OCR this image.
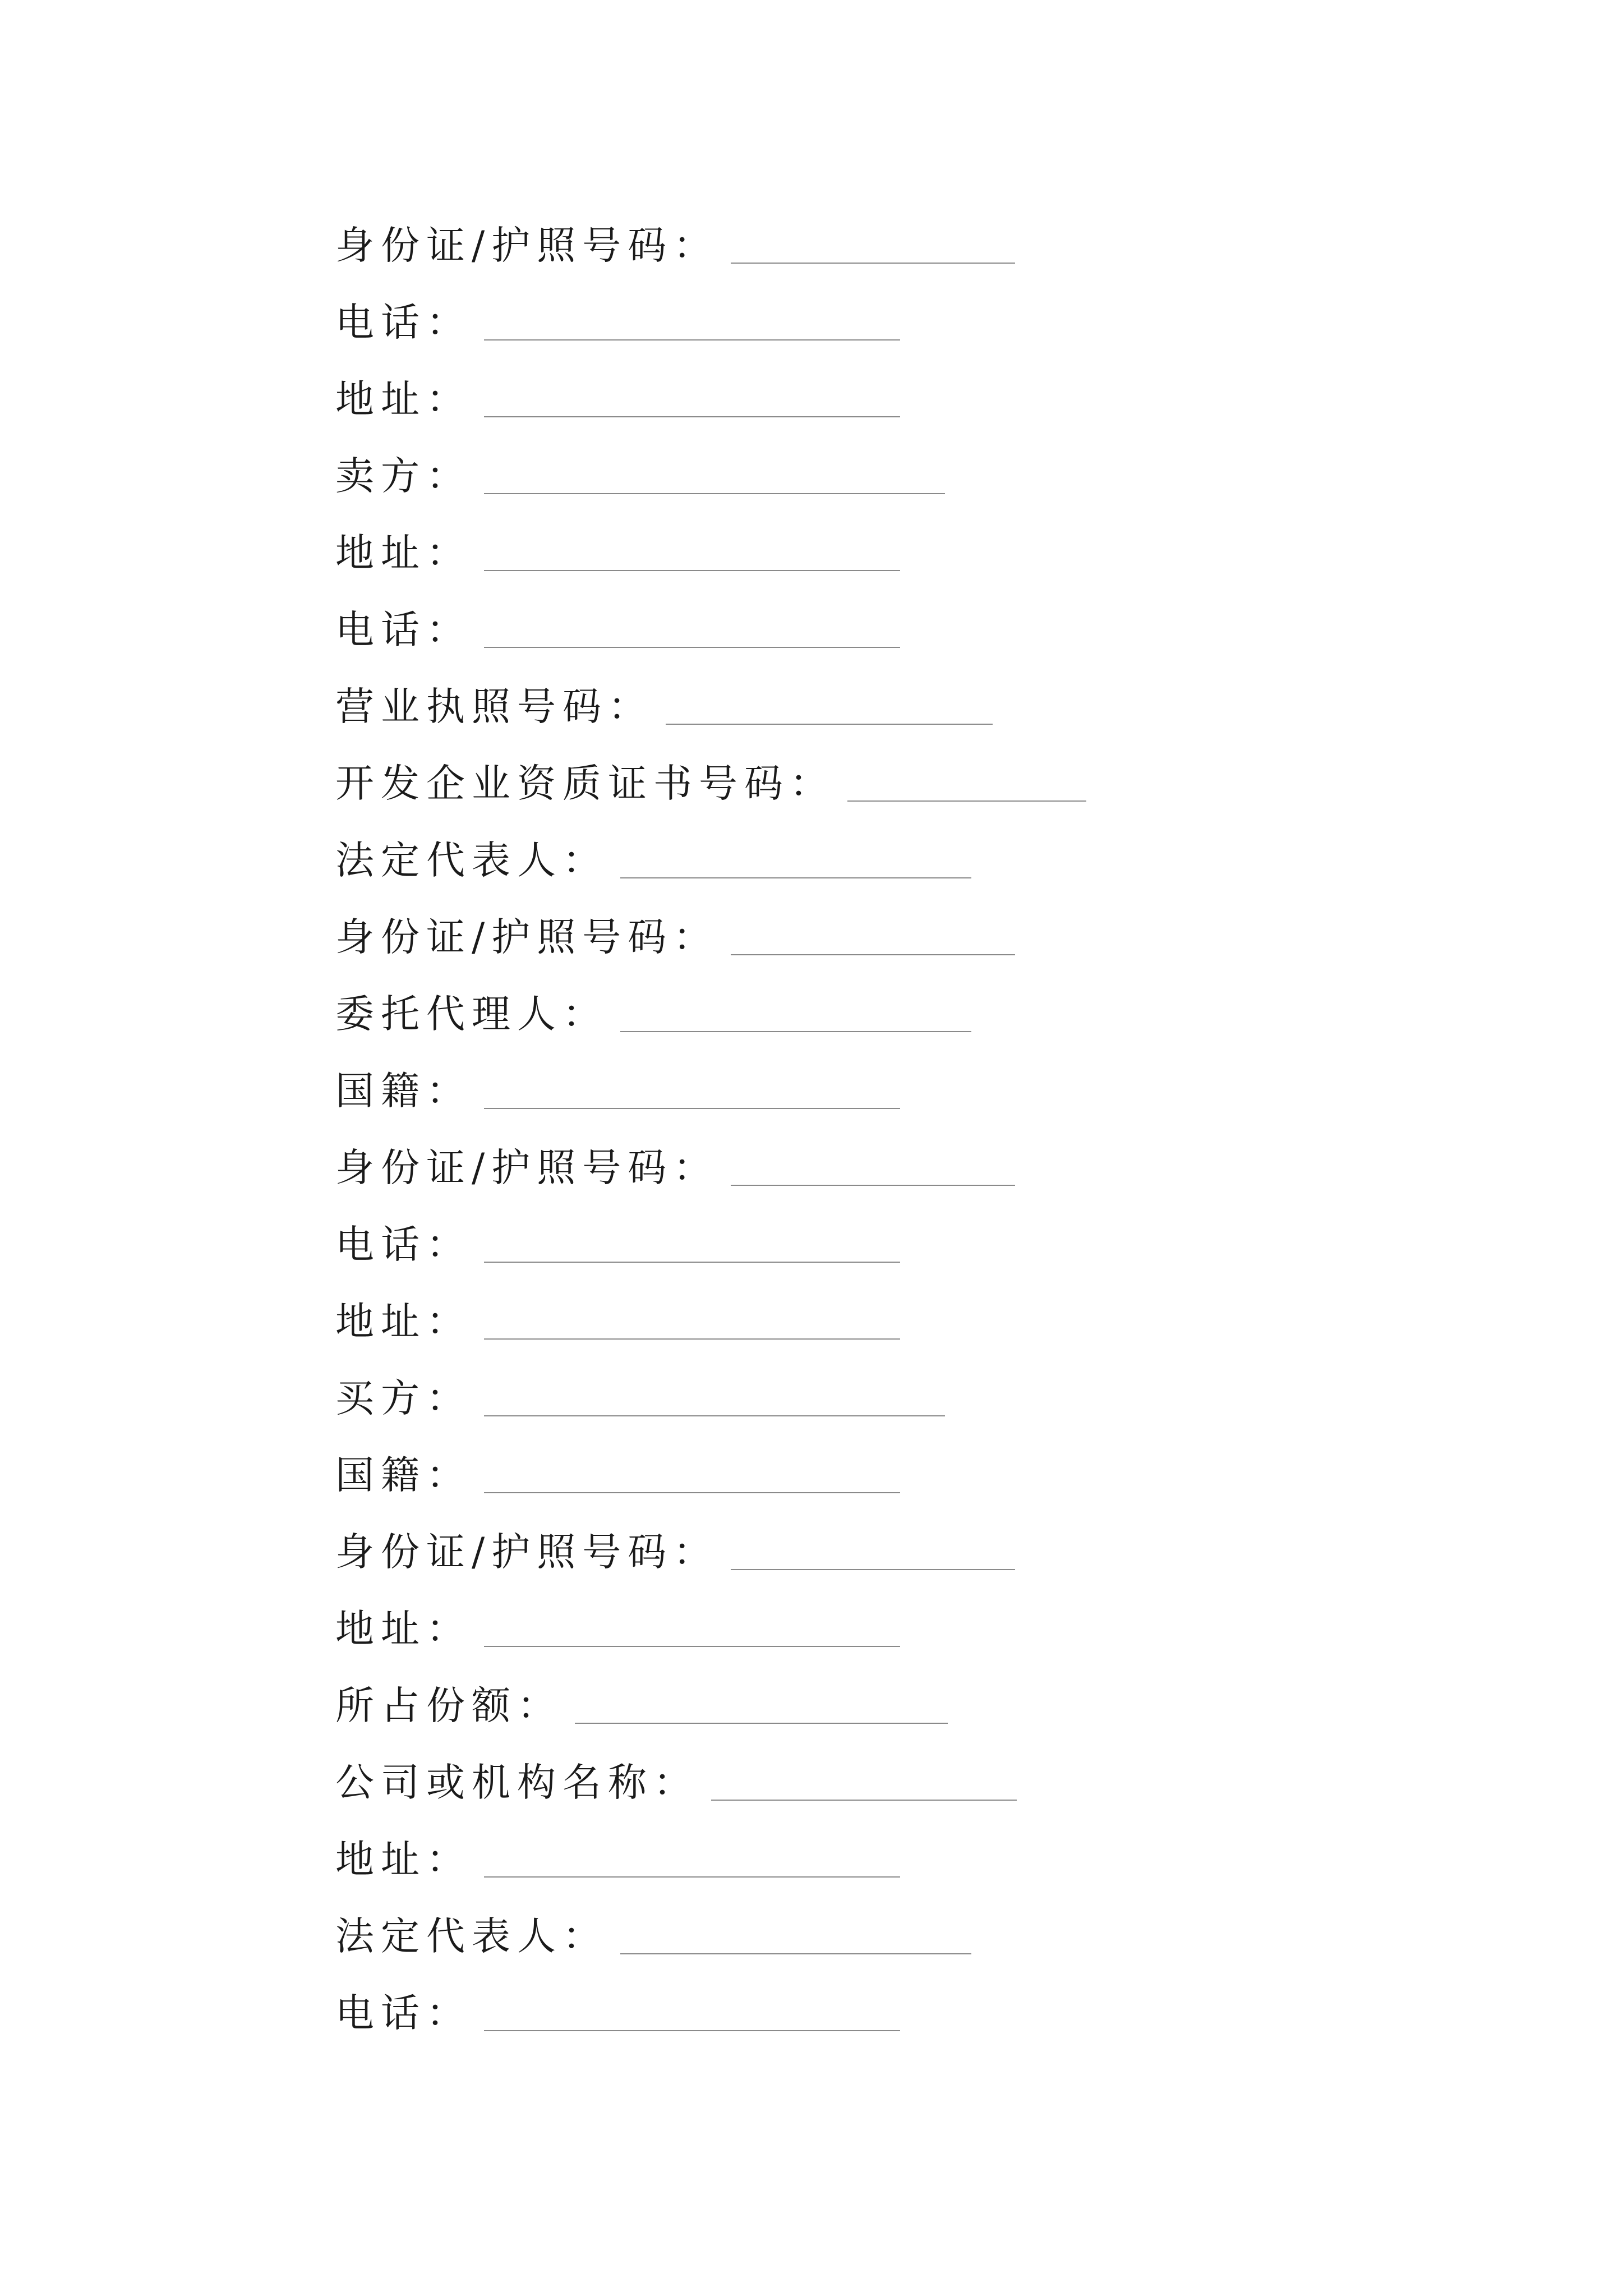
身份证/护照号码：
电话：
地址：
卖方：
地址：
电话：
营业执照号码：
开发企业资质证书号码：
法定代表人：
身份证/护照号码：
委托代理人：
国籍：
身份证/护照号码：
电话：
地址：
买方：
国籍：
身份证/护照号码：
地址：
所占份额：
公司或机构名称：
地址：
法定代表人：
电话：
